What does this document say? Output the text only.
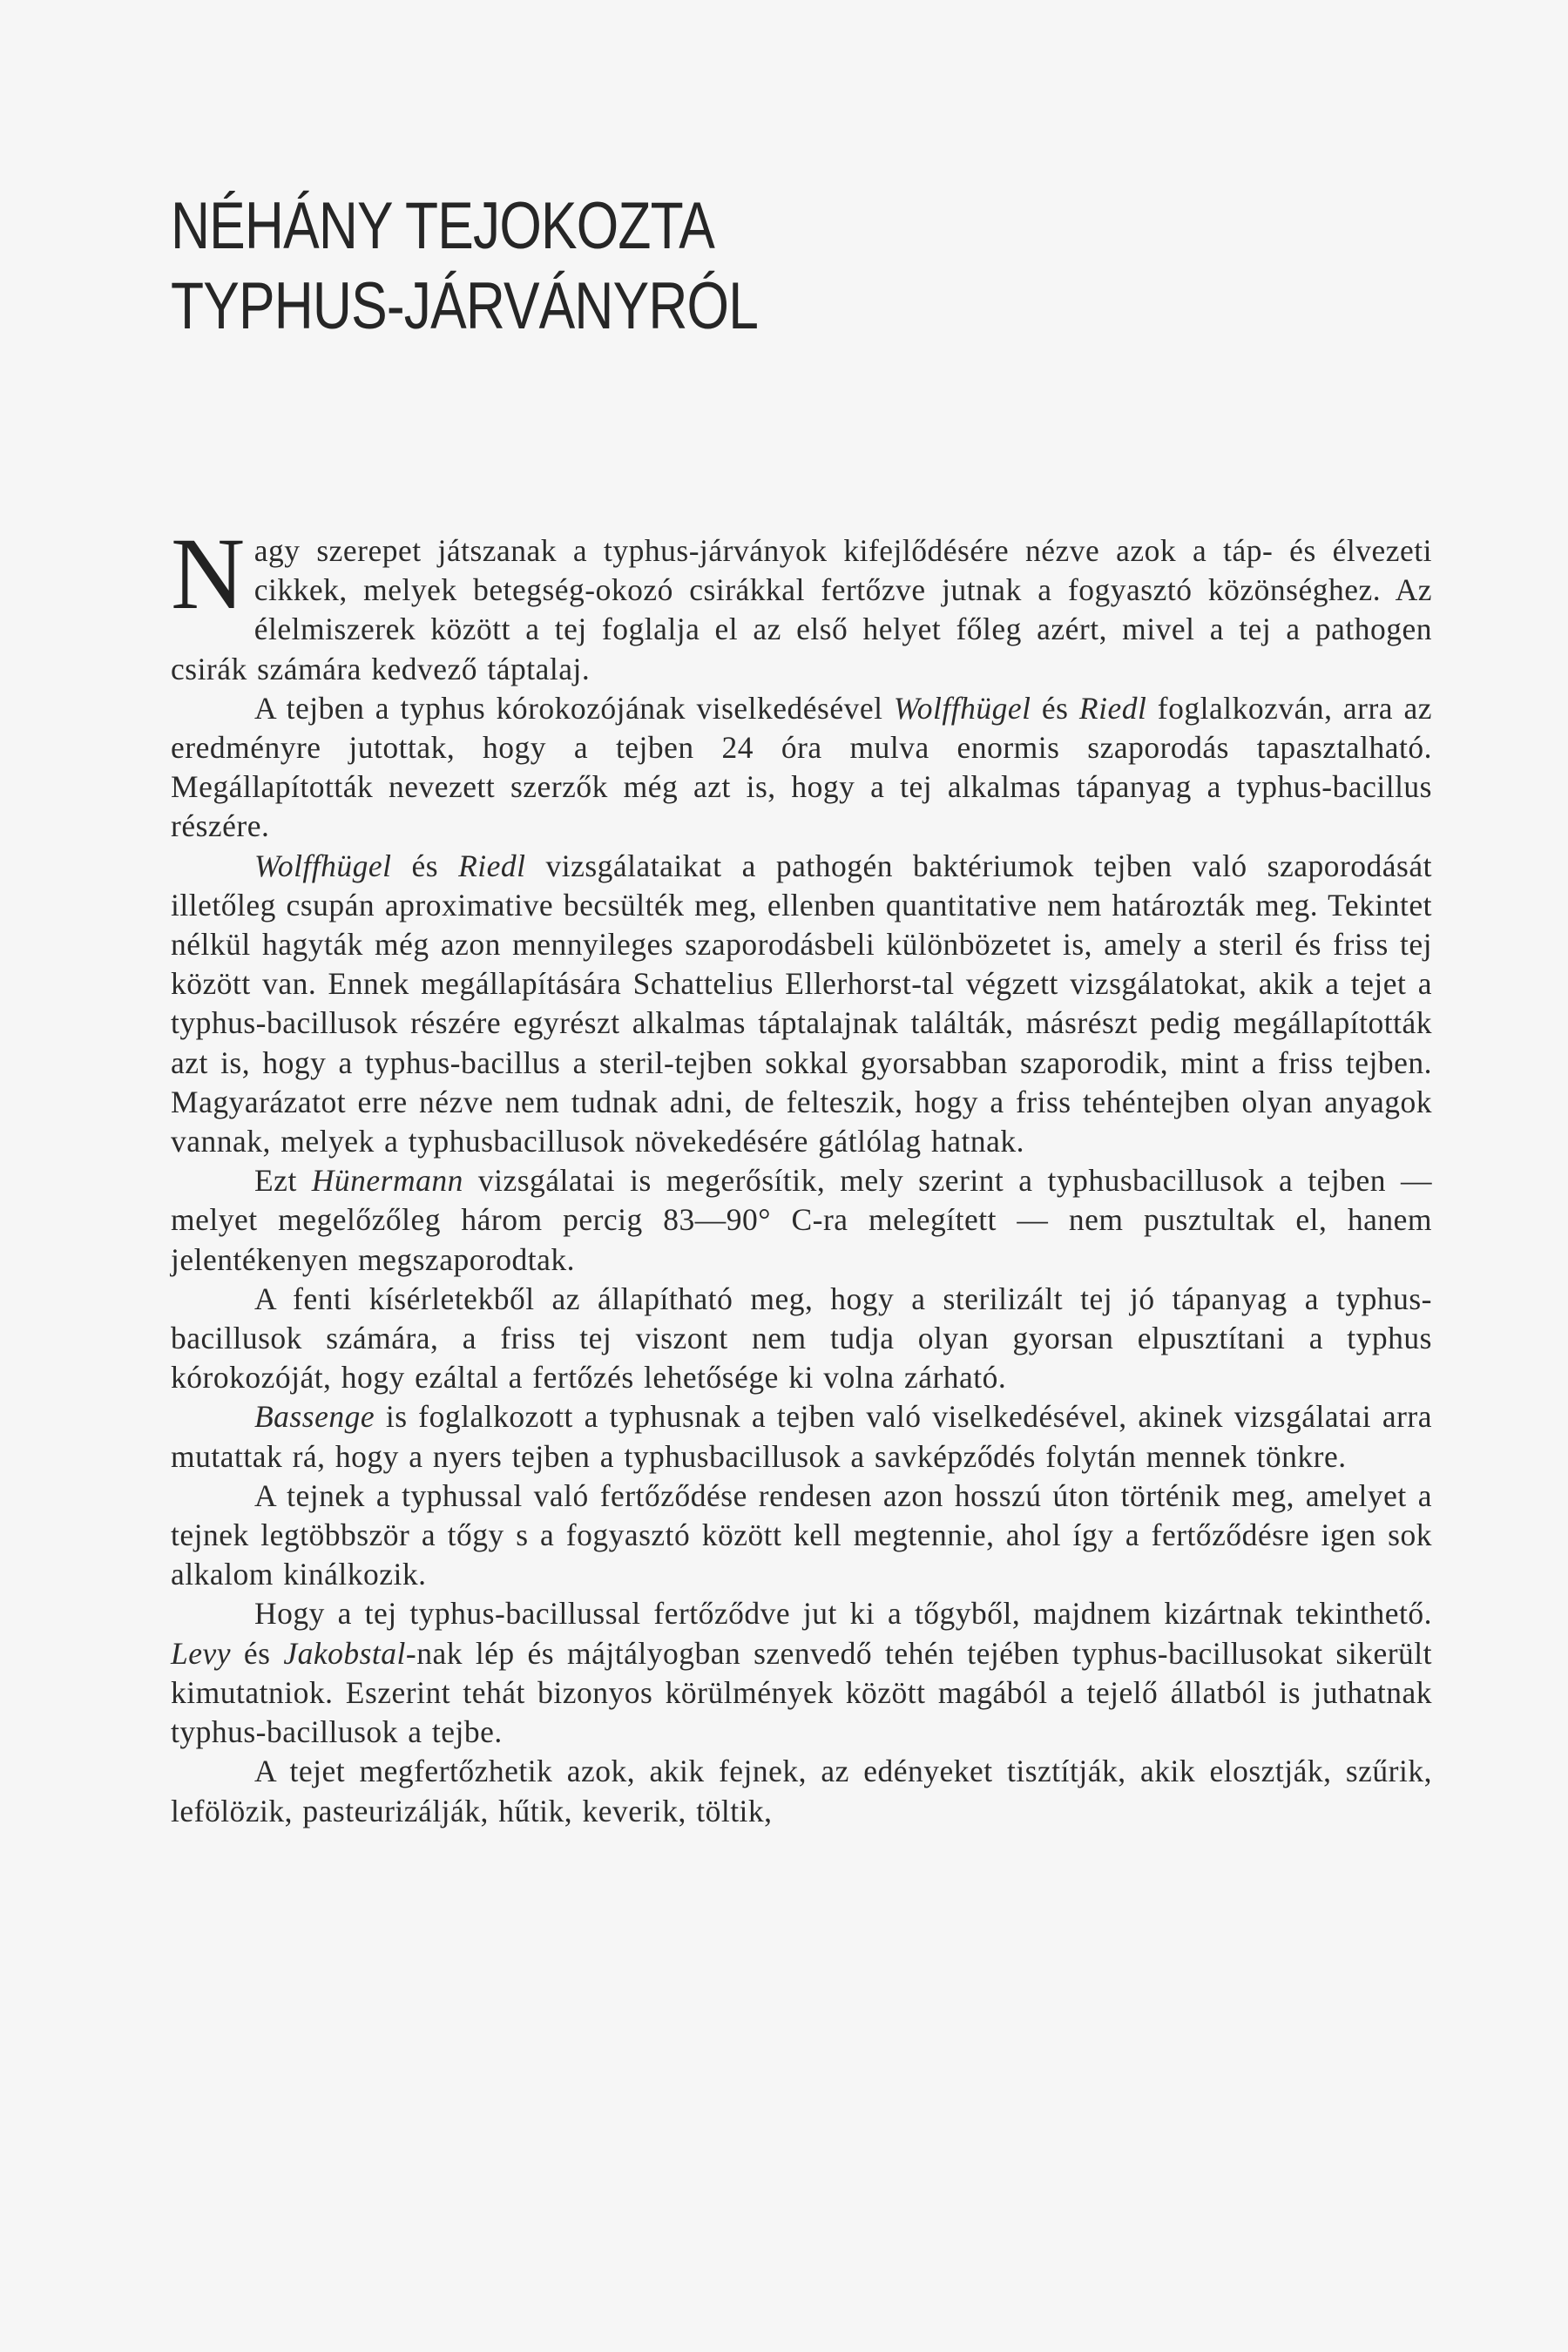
NÉHÁNY TEJOKOZTA
TYPHUS-JÁRVÁNYRÓL

Nagy szerepet játszanak a typhus-járványok kifejlődésére nézve azok a táp- és élvezeti cikkek, melyek betegség-okozó csirákkal fertőzve jutnak a fogyasztó közönséghez. Az élelmiszerek között a tej foglalja el az első helyet főleg azért, mivel a tej a pathogen csirák számára kedvező táptalaj.

A tejben a typhus kórokozójának viselkedésével Wolffhügel és Riedl foglalkozván, arra az eredményre jutottak, hogy a tejben 24 óra mulva enormis szaporodás tapasztalható. Megállapították nevezett szerzők még azt is, hogy a tej alkalmas tápanyag a typhus-bacillus részére.

Wolffhügel és Riedl vizsgálataikat a pathogén baktériumok tejben való szaporodását illetőleg csupán aproximative becsülték meg, ellenben quantitative nem határozták meg. Tekintet nélkül hagyták még azon mennyileges szaporodásbeli különbözetet is, amely a steril és friss tej között van. Ennek megállapítására Schattelius Ellerhorst-tal végzett vizsgálatokat, akik a tejet a typhus-bacillusok részére egyrészt alkalmas táptalajnak találták, másrészt pedig megállapították azt is, hogy a typhus-bacillus a steril-tejben sokkal gyorsabban szaporodik, mint a friss tejben. Magyarázatot erre nézve nem tudnak adni, de felteszik, hogy a friss tehéntejben olyan anyagok vannak, melyek a typhusbacillusok növekedésére gátlólag hatnak.

Ezt Hünermann vizsgálatai is megerősítik, mely szerint a typhusbacillusok a tejben — melyet megelőzőleg három percig 83—90° C-ra melegített — nem pusztultak el, hanem jelentékenyen megszaporodtak.

A fenti kísérletekből az állapítható meg, hogy a sterilizált tej jó tápanyag a typhus-bacillusok számára, a friss tej viszont nem tudja olyan gyorsan elpusztítani a typhus kórokozóját, hogy ezáltal a fertőzés lehetősége ki volna zárható.

Bassenge is foglalkozott a typhusnak a tejben való viselkedésével, akinek vizsgálatai arra mutattak rá, hogy a nyers tejben a typhusbacillusok a savképződés folytán mennek tönkre.

A tejnek a typhussal való fertőződése rendesen azon hosszú úton történik meg, amelyet a tejnek legtöbbször a tőgy s a fogyasztó között kell megtennie, ahol így a fertőződésre igen sok alkalom kinálkozik.

Hogy a tej typhus-bacillussal fertőződve jut ki a tőgyből, majdnem kizártnak tekinthető. Levy és Jakobstal-nak lép és májtályogban szenvedő tehén tejében typhus-bacillusokat sikerült kimutatniok. Eszerint tehát bizonyos körülmények között magából a tejelő állatból is juthatnak typhus-bacillusok a tejbe.

A tejet megfertőzhetik azok, akik fejnek, az edényeket tisztítják, akik elosztják, szűrik, lefölözik, pasteurizálják, hűtik, keverik, töltik,
